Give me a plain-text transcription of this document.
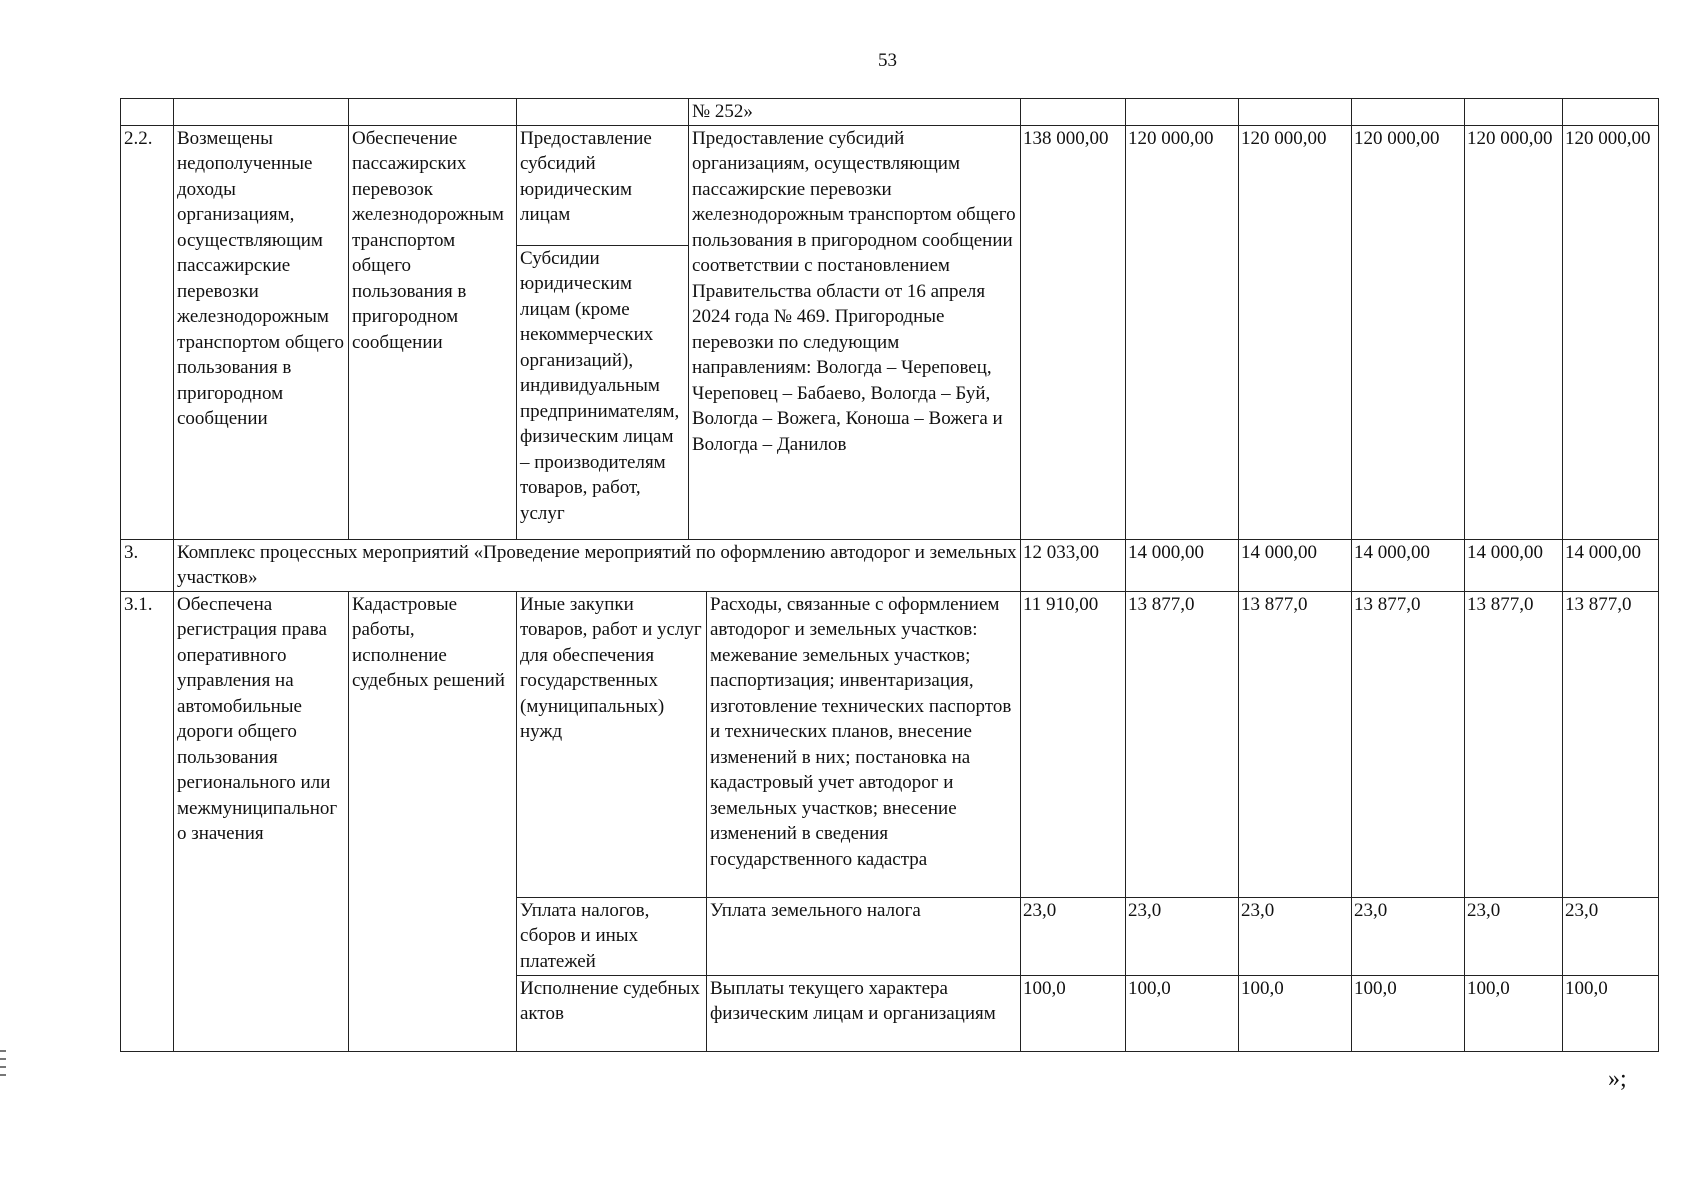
53
				№ 252»							
2.2.	Возмещены недополученные доходы организациям, осуществляющим пассажирские перевозки железнодорожным транспортом общего пользования в пригородном сообщении	Обеспечение пассажирских перевозок железнодорожным транспортом общего пользования в пригородном сообщении	Предоставление субсидий юридическим лицам	Предоставление субсидий организациям, осуществляющим пассажирские перевозки железнодорожным транспортом общего пользования в пригородном сообщении соответствии с постановлением Правительства области от 16 апреля 2024 года № 469. Пригородные перевозки по следующим направлениям: Вологда – Череповец, Череповец – Бабаево, Вологда – Буй, Вологда – Вожега, Коноша – Вожега и Вологда – Данилов		138 000,00	120 000,00	120 000,00	120 000,00	120 000,00	120 000,00
			Субсидии юридическим лицам (кроме некоммерческих организаций), индивидуальным предпринимателям, физическим лицам – производителям товаров, работ, услуг								
3.	Комплекс процессных мероприятий «Проведение мероприятий по оформлению автодорог и земельных участков»					12 033,00	14 000,00	14 000,00	14 000,00	14 000,00	14 000,00
3.1.	Обеспечена регистрация права оперативного управления на автомобильные дороги общего пользования регионального или межмуниципального значения	Кадастровые работы, исполнение судебных решений	Иные закупки товаров, работ и услуг для обеспечения государственных (муниципальных) нужд		Расходы, связанные с оформлением автодорог и земельных участков: межевание земельных участков; паспортизация; инвентаризация, изготовление технических паспортов и технических планов, внесение изменений в них; постановка на кадастровый учет автодорог и земельных участков; внесение изменений в сведения государственного кадастра	11 910,00	13 877,0	13 877,0	13 877,0	13 877,0	13 877,0
			Уплата налогов, сборов и иных платежей		Уплата земельного налога	23,0	23,0	23,0	23,0	23,0	23,0
			Исполнение судебных актов		Выплаты текущего характера физическим лицам и организациям	100,0	100,0	100,0	100,0	100,0	100,0
»;
